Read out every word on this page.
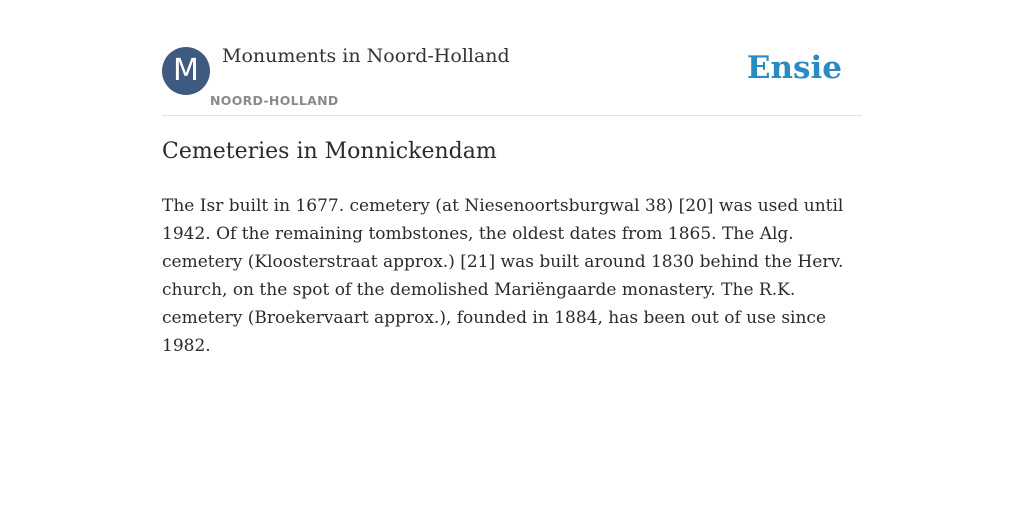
M	Monuments in Noord-Holland
NOORD-HOLLAND
Ensie
Cemeteries in Monnickendam

The Isr built in 1677. cemetery (at Niesenoortsburgwal 38) [20] was used until 1942. Of the remaining tombstones, the oldest dates from 1865. The Alg. cemetery (Kloosterstraat approx.) [21] was built around 1830 behind the Herv. church, on the spot of the demolished Mariëngaarde monastery. The R.K. cemetery (Broekervaart approx.), founded in 1884, has been out of use since 1982.
